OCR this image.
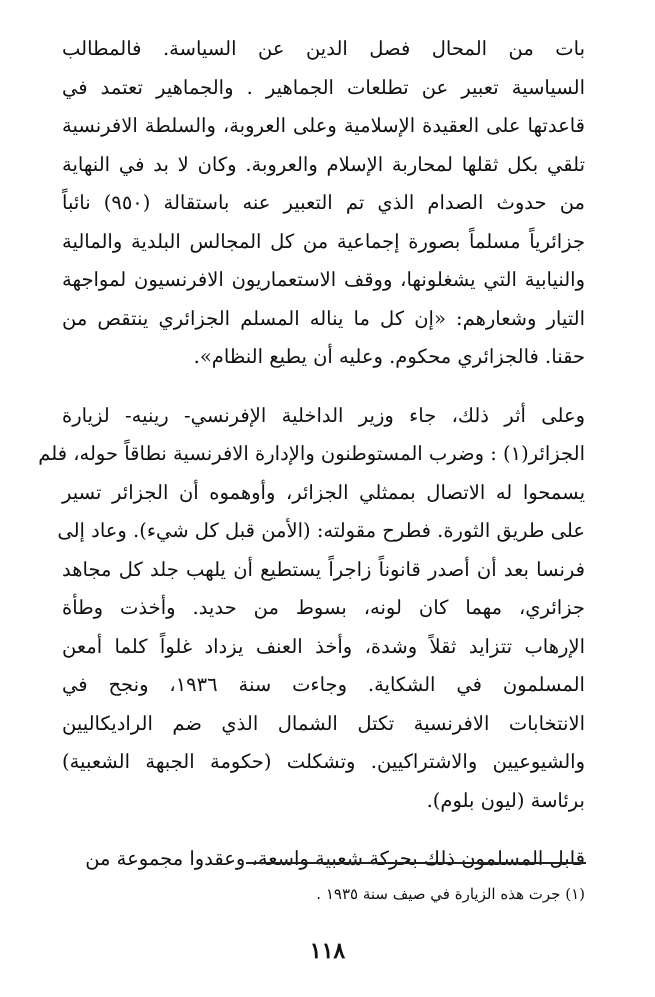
بات من المحال فصل الدين عن السياسة. فالمطالب
السياسية تعبير عن تطلعات الجماهير . والجماهير تعتمد في
قاعدتها على العقيدة الإسلامية وعلى العروبة، والسلطة الافرنسية
تلقي بكل ثقلها لمحاربة الإسلام والعروبة. وكان لا بد في النهاية
من حدوث الصدام الذي تم التعبير عنه باستقالة (٩٥٠) نائباً
جزائرياً مسلماً بصورة إجماعية من كل المجالس البلدية والمالية
والنيابية التي يشغلونها، ووقف الاستعماريون الافرنسيون لمواجهة
التيار وشعارهم: «إن كل ما يناله المسلم الجزائري ينتقص من
حقنا. فالجزائري محكوم. وعليه أن يطيع النظام».
وعلى أثر ذلك، جاء وزير الداخلية الإفرنسي- رينيه- لزيارة
الجزائر(١) : وضرب المستوطنون والإدارة الافرنسية نطاقاً حوله، فلم
يسمحوا له الاتصال بممثلي الجزائر، وأوهموه أن الجزائر تسير
على طريق الثورة. فطرح مقولته: (الأمن قبل كل شيء). وعاد إلى
فرنسا بعد أن أصدر قانوناً زاجراً يستطيع أن يلهب جلد كل مجاهد
جزائري، مهما كان لونه، بسوط من حديد. وأخذت وطأة
الإرهاب تتزايد ثقلاً وشدة، وأخذ العنف يزداد غلواً كلما أمعن
المسلمون في الشكاية. وجاءت سنة ١٩٣٦، ونجح في
الانتخابات الافرنسية تكتل الشمال الذي ضم الراديكاليين
والشيوعيين والاشتراكيين. وتشكلت (حكومة الجبهة الشعبية)
برئاسة (ليون بلوم).
قابل المسلمون ذلك بحركة شعبية واسعة، وعقدوا مجموعة من
(١) جرت هذه الزيارة في صيف سنة ١٩٣٥ .
١١٨
